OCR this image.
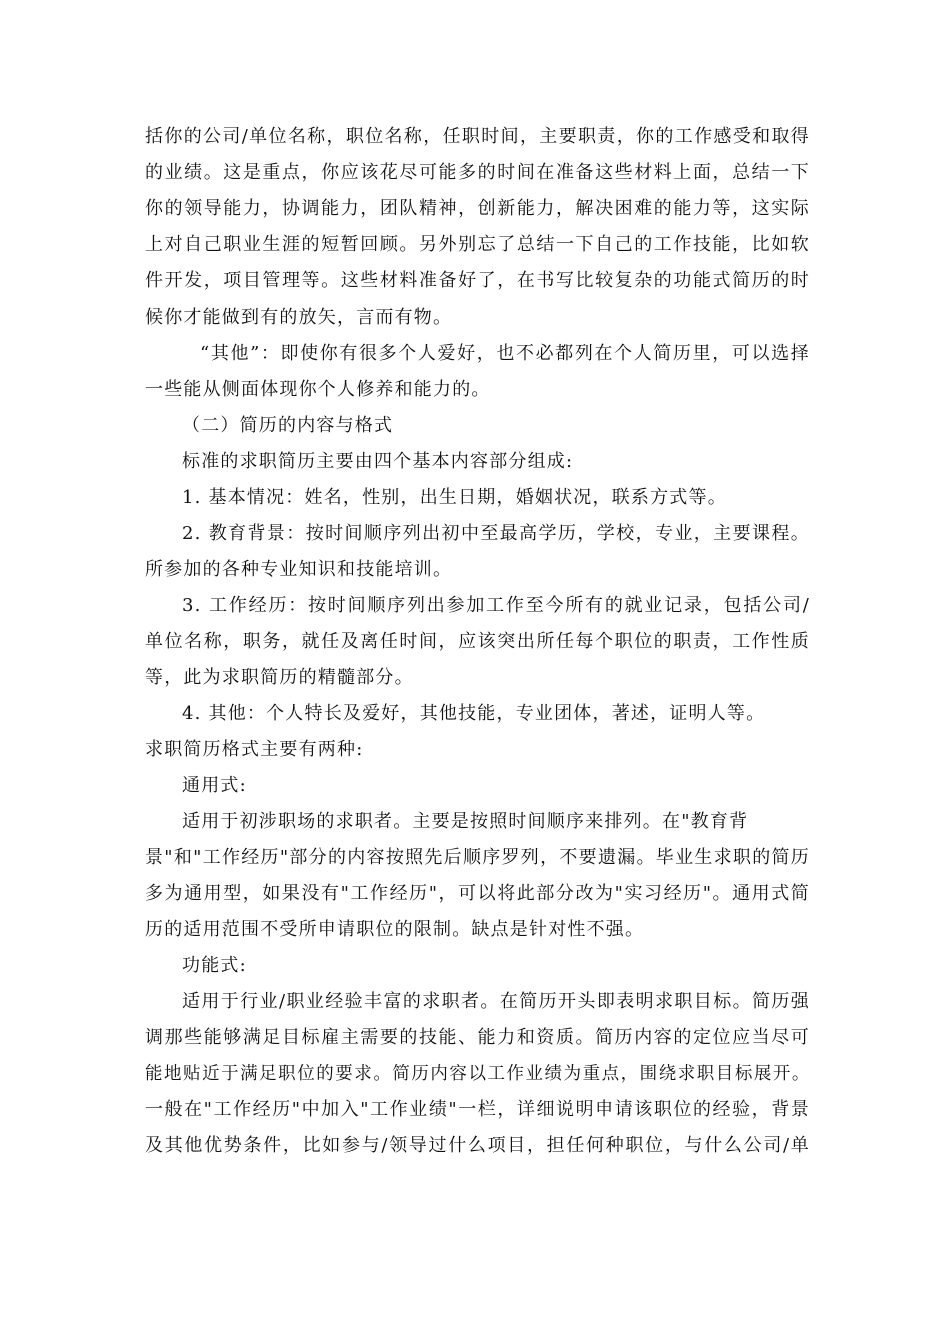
括你的公司/单位名称，职位名称，任职时间，主要职责，你的工作感受和取得
的业绩。这是重点，你应该花尽可能多的时间在准备这些材料上面，总结一下
你的领导能力，协调能力，团队精神，创新能力，解决困难的能力等，这实际
上对自己职业生涯的短暂回顾。另外别忘了总结一下自己的工作技能，比如软
件开发，项目管理等。这些材料准备好了，在书写比较复杂的功能式简历的时
候你才能做到有的放矢，言而有物。
“其他”：即使你有很多个人爱好，也不必都列在个人简历里，可以选择
一些能从侧面体现你个人修养和能力的。
（二）简历的内容与格式
标准的求职简历主要由四个基本内容部分组成:
1. 基本情况：姓名，性别，出生日期，婚姻状况，联系方式等。
2. 教育背景：按时间顺序列出初中至最高学历，学校，专业，主要课程。
所参加的各种专业知识和技能培训。
3. 工作经历：按时间顺序列出参加工作至今所有的就业记录，包括公司/
单位名称，职务，就任及离任时间，应该突出所任每个职位的职责，工作性质
等，此为求职简历的精髓部分。
4. 其他：个人特长及爱好，其他技能，专业团体，著述，证明人等。
求职简历格式主要有两种:
通用式:
适用于初涉职场的求职者。主要是按照时间顺序来排列。在"教育背
景"和"工作经历"部分的内容按照先后顺序罗列，不要遗漏。毕业生求职的简历
多为通用型，如果没有"工作经历"，可以将此部分改为"实习经历"。通用式简
历的适用范围不受所申请职位的限制。缺点是针对性不强。
功能式:
适用于行业/职业经验丰富的求职者。在简历开头即表明求职目标。简历强
调那些能够满足目标雇主需要的技能、能力和资质。简历内容的定位应当尽可
能地贴近于满足职位的要求。简历内容以工作业绩为重点，围绕求职目标展开。
一般在"工作经历"中加入"工作业绩"一栏，详细说明申请该职位的经验，背景
及其他优势条件，比如参与/领导过什么项目，担任何种职位，与什么公司/单
